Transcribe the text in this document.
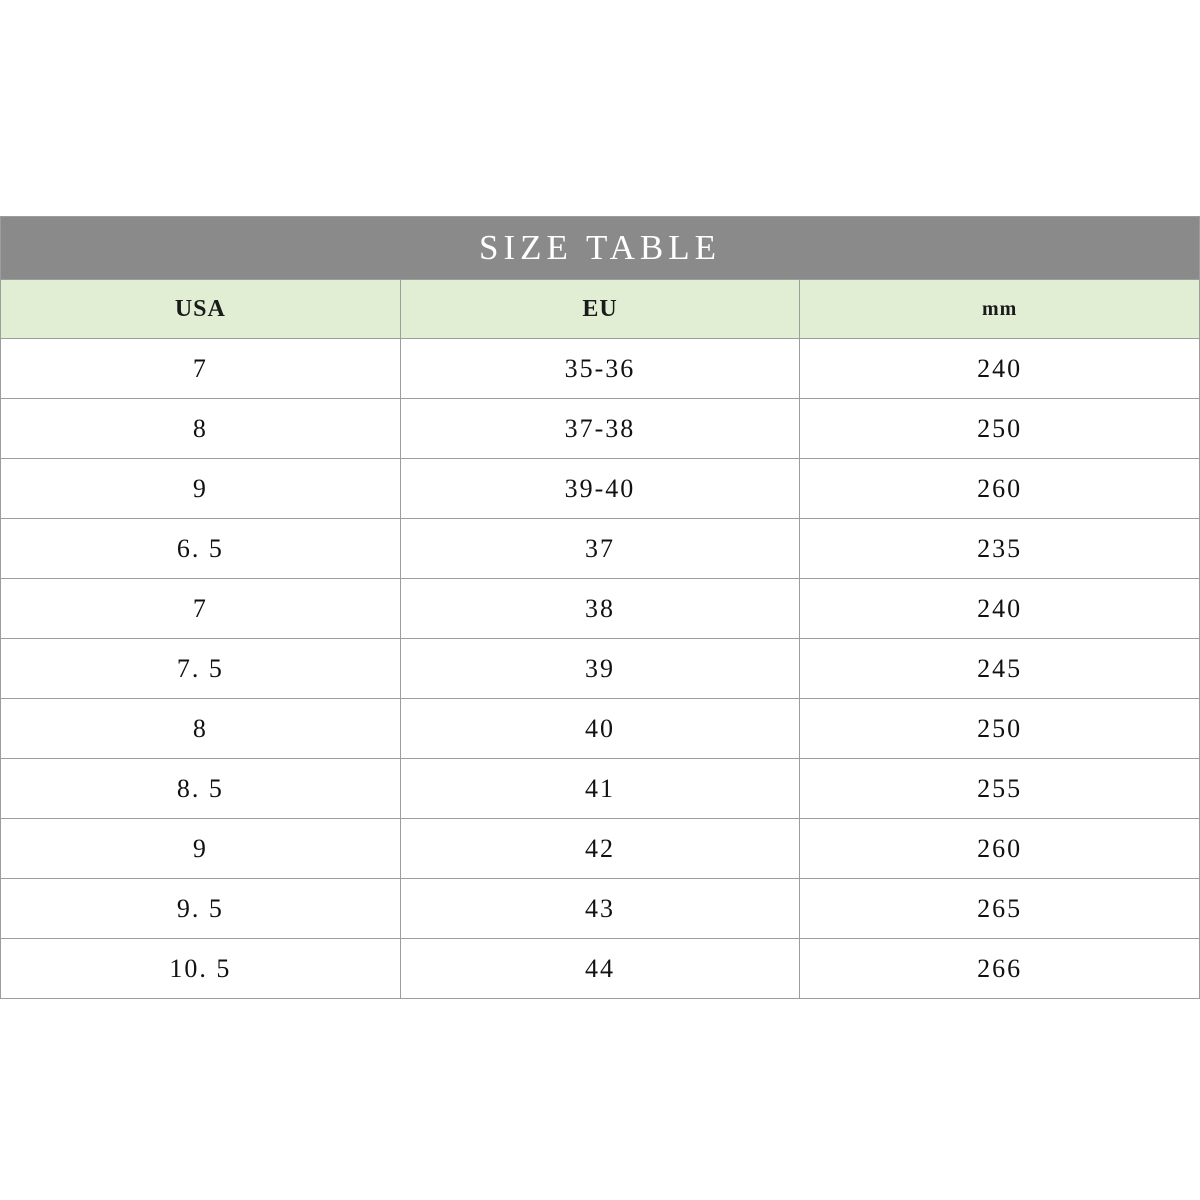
SIZE TABLE		
USA	EU	mm
7	35-36	240
8	37-38	250
9	39-40	260
6. 5	37	235
7	38	240
7. 5	39	245
8	40	250
8. 5	41	255
9	42	260
9. 5	43	265
10. 5	44	266
